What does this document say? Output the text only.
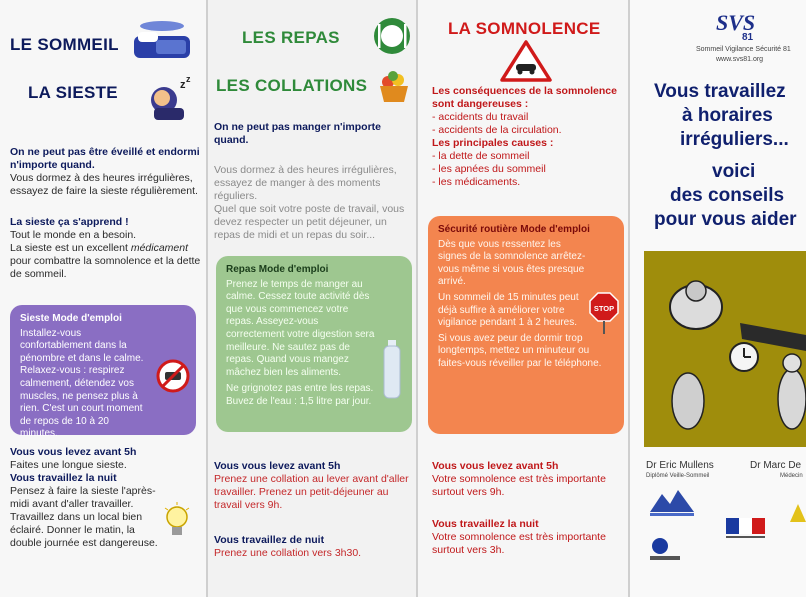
LE SOMMEIL
LA SIESTE	z z
On ne peut pas être éveillé et endormi n'importe quand.
Vous dormez à des heures irrégulières, essayez de faire la sieste régulièrement.
La sieste ça s'apprend !
Tout le monde en a besoin.
La sieste est un excellent médicament pour combattre la somnolence et la dette de sommeil.
Sieste Mode d'emploi
Installez-vous confortablement dans la pénombre et dans le calme. Relaxez-vous : respirez calmement, détendez vos muscles, ne pensez plus à rien. C'est un court moment de repos de 10 à 20 minutes.
Vous vous levez avant 5h
Faites une longue sieste.
Vous travaillez la nuit
Pensez à faire la sieste l'après-midi avant d'aller travailler. Travaillez dans un local bien éclairé. Donner le matin, la double journée est dangereuse.
LES REPAS
LES COLLATIONS
On ne peut pas manger n'importe quand.
Vous dormez à des heures irrégulières, essayez de manger à des moments réguliers.
Quel que soit votre poste de travail, vous devez respecter un petit déjeuner, un repas de midi et un repas du soir...
Repas Mode d'emploi
Prenez le temps de manger au calme. Cessez toute activité dès que vous commencez votre repas. Asseyez-vous correctement votre digestion sera meilleure. Ne sautez pas de repas. Quand vous mangez mâchez bien les aliments.
Ne grignotez pas entre les repas. Buvez de l'eau : 1,5 litre par jour.
Vous vous levez avant 5h
Prenez une collation au lever avant d'aller travailler. Prenez un petit-déjeuner au travail vers 9h.
Vous travaillez de nuit
Prenez une collation vers 3h30.
LA SOMNOLENCE
Les conséquences de la somnolence sont dangereuses :
- accidents du travail
- accidents de la circulation.
Les principales causes :
- la dette de sommeil
- les apnées du sommeil
- les médicaments.
Sécurité routière Mode d'emploi
Dès que vous ressentez les signes de la somnolence arrêtez-vous même si vous êtes presque arrivé.
Un sommeil de 15 minutes peut déjà suffire à améliorer votre vigilance pendant 1 à 2 heures.
Si vous avez peur de dormir trop longtemps, mettez un minuteur ou faites-vous réveiller par le téléphone.
STOP
Vous vous levez avant 5h
Votre somnolence est très importante surtout vers 9h.
Vous travaillez la nuit
Votre somnolence est très importante surtout vers 3h.
SVS
81
Sommeil Vigilance Sécurité 81
www.svs81.org
Vous travaillez
à horaires
irréguliers...
voici
des conseils
pour vous aider
Dr Eric Mullens
Diplômé Veille-Sommeil
Dr Marc De
Médecin
